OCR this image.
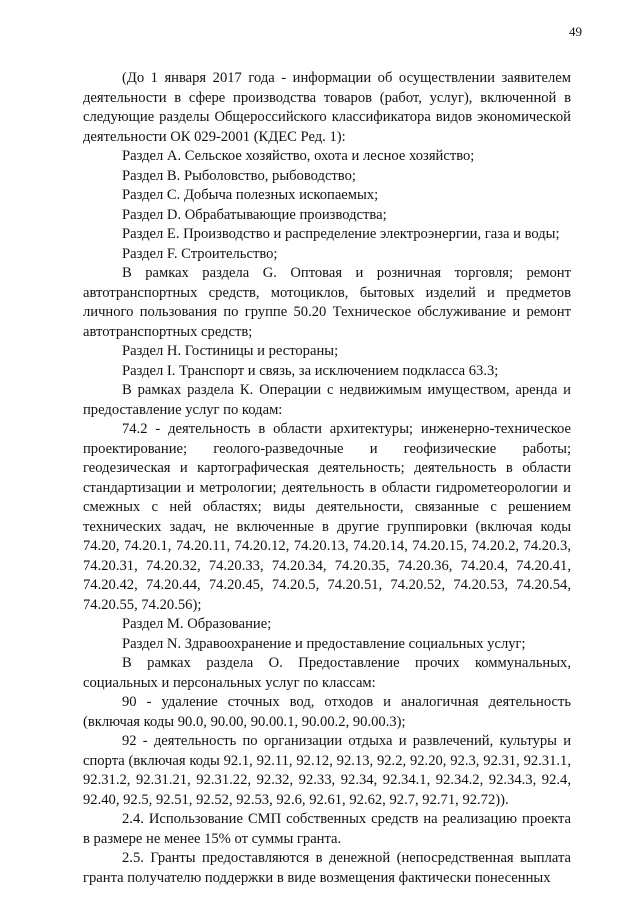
49

(До 1 января 2017 года - информации об осуществлении заявителем деятельности в сфере производства товаров (работ, услуг), включенной в следующие разделы Общероссийского классификатора видов экономической деятельности ОК 029-2001 (КДЕС Ред. 1):

Раздел А. Сельское хозяйство, охота и лесное хозяйство;

Раздел В. Рыболовство, рыбоводство;

Раздел С. Добыча полезных ископаемых;

Раздел D. Обрабатывающие производства;

Раздел Е. Производство и распределение электроэнергии, газа и воды;

Раздел F. Строительство;

В рамках раздела G. Оптовая и розничная торговля; ремонт автотранспортных средств, мотоциклов, бытовых изделий и предметов личного пользования по группе 50.20 Техническое обслуживание и ремонт автотранспортных средств;

Раздел Н. Гостиницы и рестораны;

Раздел I. Транспорт и связь, за исключением подкласса 63.3;

В рамках раздела К. Операции с недвижимым имуществом, аренда и предоставление услуг по кодам:

74.2 - деятельность в области архитектуры; инженерно-техническое проектирование; геолого-разведочные и геофизические работы; геодезическая и картографическая деятельность; деятельность в области стандартизации и метрологии; деятельность в области гидрометеорологии и смежных с ней областях; виды деятельности, связанные с решением технических задач, не включенные в другие группировки (включая коды 74.20, 74.20.1, 74.20.11, 74.20.12, 74.20.13, 74.20.14, 74.20.15, 74.20.2, 74.20.3, 74.20.31, 74.20.32, 74.20.33, 74.20.34, 74.20.35, 74.20.36, 74.20.4, 74.20.41, 74.20.42, 74.20.44, 74.20.45, 74.20.5, 74.20.51, 74.20.52, 74.20.53, 74.20.54, 74.20.55, 74.20.56);

Раздел М. Образование;

Раздел N. Здравоохранение и предоставление социальных услуг;

В рамках раздела О. Предоставление прочих коммунальных, социальных и персональных услуг по классам:

90 - удаление сточных вод, отходов и аналогичная деятельность (включая коды 90.0, 90.00, 90.00.1, 90.00.2, 90.00.3);

92 - деятельность по организации отдыха и развлечений, культуры и спорта (включая коды 92.1, 92.11, 92.12, 92.13, 92.2, 92.20, 92.3, 92.31, 92.31.1, 92.31.2, 92.31.21, 92.31.22, 92.32, 92.33, 92.34, 92.34.1, 92.34.2, 92.34.3, 92.4, 92.40, 92.5, 92.51, 92.52, 92.53, 92.6, 92.61, 92.62, 92.7, 92.71, 92.72)).

2.4. Использование СМП собственных средств на реализацию проекта в размере не менее 15% от суммы гранта.

2.5. Гранты предоставляются в денежной (непосредственная выплата гранта получателю поддержки в виде возмещения фактически понесенных
